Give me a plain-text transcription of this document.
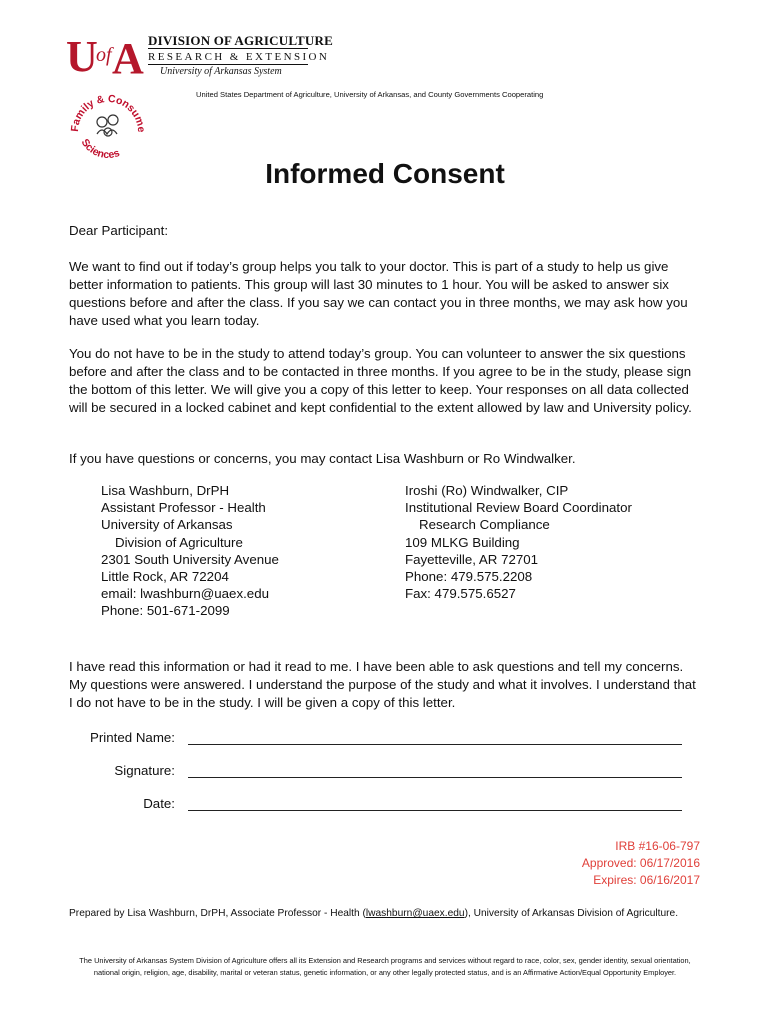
U
of A DIVISION OF AGRICULTURE
RESEARCH & EXTENSION
University of Arkansas System
United States Department of Agriculture, University of Arkansas, and County Governments Cooperating
Family & Consume
Sciences
Informed Consent
Dear Participant:
We want to find out if today’s group helps you talk to your doctor. This is part of a study to help us give better information to patients. This group will last 30 minutes to 1 hour. You will be asked to answer six questions before and after the class. If you say we can contact you in three months, we may ask how you have used what you learn today.
You do not have to be in the study to attend today’s group. You can volunteer to answer the six questions before and after the class and to be contacted in three months. If you agree to be in the study, please sign the bottom of this letter. We will give you a copy of this letter to keep. Your responses on all data collected will be secured in a locked cabinet and kept confidential to the extent allowed by law and University policy.
If you have questions or concerns, you may contact Lisa Washburn or Ro Windwalker.
Lisa Washburn, DrPH
Assistant Professor - Health
University of Arkansas
Division of Agriculture
2301 South University Avenue
Little Rock, AR 72204
email: lwashburn@uaex.edu
Phone: 501-671-2099
Iroshi (Ro) Windwalker, CIP
Institutional Review Board Coordinator
Research Compliance
109 MLKG Building
Fayetteville, AR 72701
Phone: 479.575.2208
Fax: 479.575.6527
I have read this information or had it read to me. I have been able to ask questions and tell my concerns. My questions were answered. I understand the purpose of the study and what it involves. I understand that I do not have to be in the study. I will be given a copy of this letter.
Printed Name:
Signature:
Date:
IRB #16-06-797
Approved: 06/17/2016
Expires: 06/16/2017
Prepared by Lisa Washburn, DrPH, Associate Professor - Health (lwashburn@uaex.edu), University of Arkansas Division of Agriculture.
The University of Arkansas System Division of Agriculture offers all its Extension and Research programs and services without regard to race, color, sex, gender identity, sexual orientation, national origin, religion, age, disability, marital or veteran status, genetic information, or any other legally protected status, and is an Affirmative Action/Equal Opportunity Employer.
